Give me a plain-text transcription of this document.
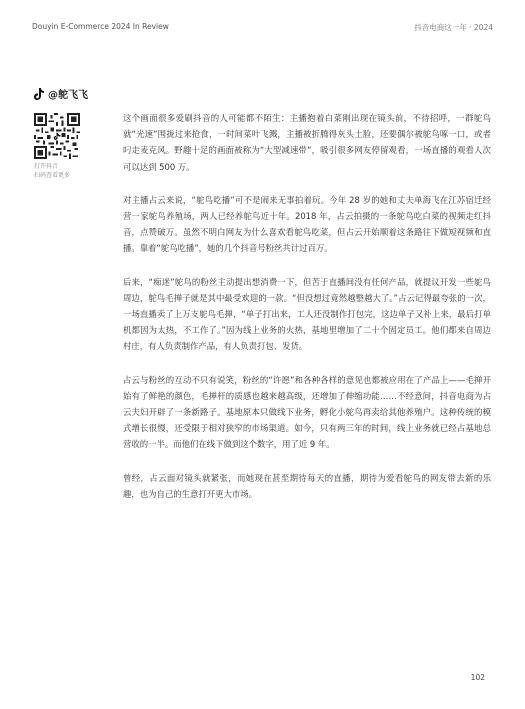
Douyin E-Commerce 2024 In Review	抖音电商这一年 · 2024
@鸵飞飞
打开抖音
扫码查看更多

这个画面很多爱刷抖音的人可能都不陌生：主播抱着白菜刚出现在镜头前，不待招呼，一群鸵鸟就“光速”围拢过来抢食，一时间菜叶飞溅，主播被折腾得灰头土脸，还要偶尔被鸵鸟啄一口，或者叼走麦克风。野趣十足的画面被称为“大型减速带”，吸引很多网友停留观看，一场直播的观看人次可以达到 500 万。

对主播占云来说，“鸵鸟吃播”可不是闹来无事拍着玩。今年 28 岁的她和丈夫单海飞在江苏宿迁经营一家鸵鸟养殖场，两人已经养鸵鸟近十年。2018 年，占云拍摄的一条鸵鸟吃白菜的视频走红抖音，点赞破万。虽然不明白网友为什么喜欢看鸵鸟吃菜，但占云开始顺着这条路往下做短视频和直播。靠着“鸵鸟吃播”，她的几个抖音号粉丝共计过百万。

后来，“痴迷”鸵鸟的粉丝主动提出想消费一下，但苦于直播间没有任何产品，就提议开发一些鸵鸟周边，鸵鸟毛掸子就是其中最受欢迎的一款。“但没想过竟然越整越大了。”占云记得最夸张的一次，一场直播卖了上万支鸵鸟毛掸，“单子打出来，工人还没制作打包完，这边单子又补上来，最后打单机都因为太热，不工作了。”因为线上业务的火热，基地里增加了二十个固定员工。他们都来自周边村庄，有人负责制作产品，有人负责打包、发货。

占云与粉丝的互动不只有说笑，粉丝的“许愿”和各种各样的意见也都被应用在了产品上——毛掸开始有了鲜艳的颜色，毛掸杆的质感也越来越高级，还增加了伸缩功能……不经意间，抖音电商为占云夫妇开辟了一条新路子。基地原本只做线下业务，孵化小鸵鸟再卖给其他养殖户。这种传统的模式增长很慢，还受限于相对狭窄的市场渠道。如今，只有两三年的时间，线上业务就已经占基地总营收的一半。而他们在线下做到这个数字，用了近 9 年。

曾经，占云面对镜头就紧张，而她现在甚至期待每天的直播，期待为爱看鸵鸟的网友带去新的乐趣，也为自己的生意打开更大市场。

102
